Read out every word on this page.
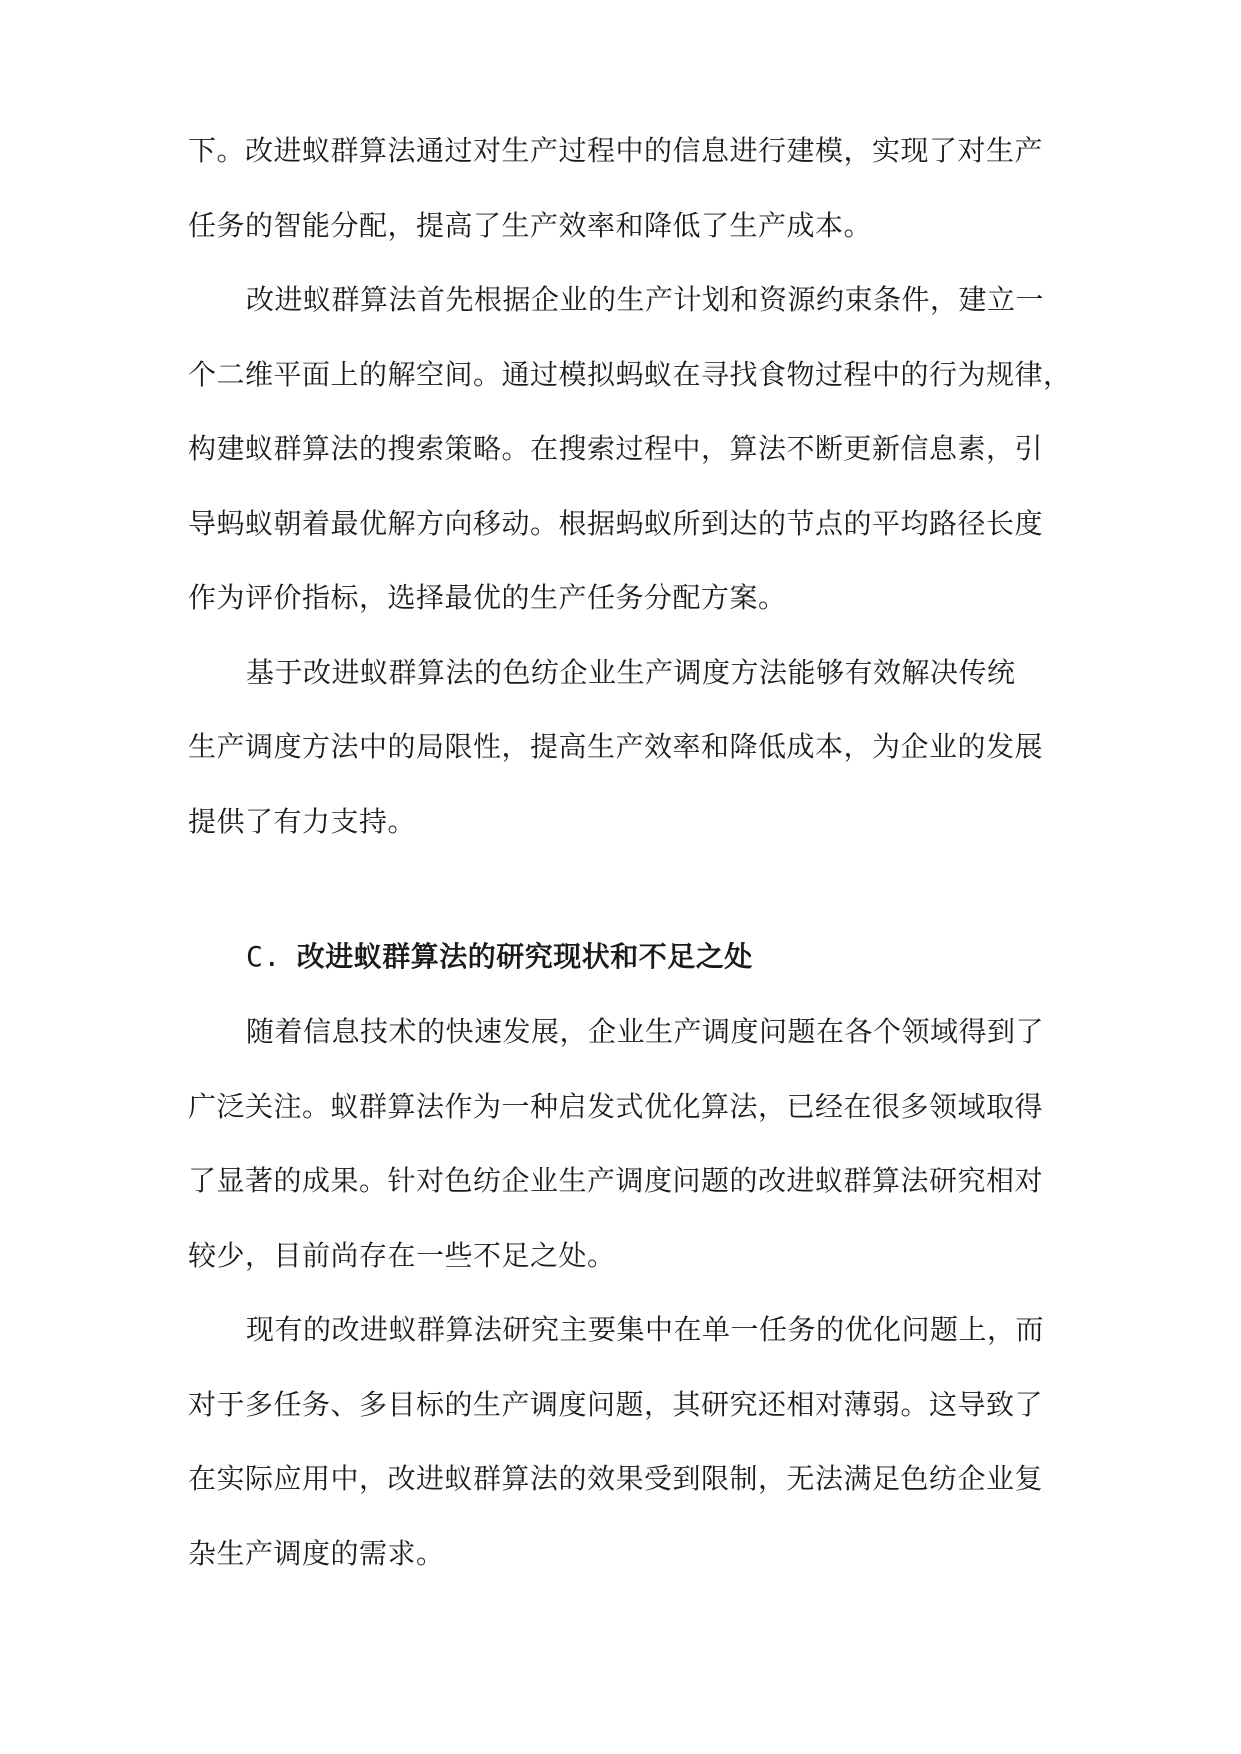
下。改进蚁群算法通过对生产过程中的信息进行建模，实现了对生产
任务的智能分配，提高了生产效率和降低了生产成本。
改进蚁群算法首先根据企业的生产计划和资源约束条件，建立一
个二维平面上的解空间。通过模拟蚂蚁在寻找食物过程中的行为规律，
构建蚁群算法的搜索策略。在搜索过程中，算法不断更新信息素，引
导蚂蚁朝着最优解方向移动。根据蚂蚁所到达的节点的平均路径长度
作为评价指标，选择最优的生产任务分配方案。
基于改进蚁群算法的色纺企业生产调度方法能够有效解决传统
生产调度方法中的局限性，提高生产效率和降低成本，为企业的发展
提供了有力支持。
C. 改进蚁群算法的研究现状和不足之处
随着信息技术的快速发展，企业生产调度问题在各个领域得到了
广泛关注。蚁群算法作为一种启发式优化算法，已经在很多领域取得
了显著的成果。针对色纺企业生产调度问题的改进蚁群算法研究相对
较少，目前尚存在一些不足之处。
现有的改进蚁群算法研究主要集中在单一任务的优化问题上，而
对于多任务、多目标的生产调度问题，其研究还相对薄弱。这导致了
在实际应用中，改进蚁群算法的效果受到限制，无法满足色纺企业复
杂生产调度的需求。
